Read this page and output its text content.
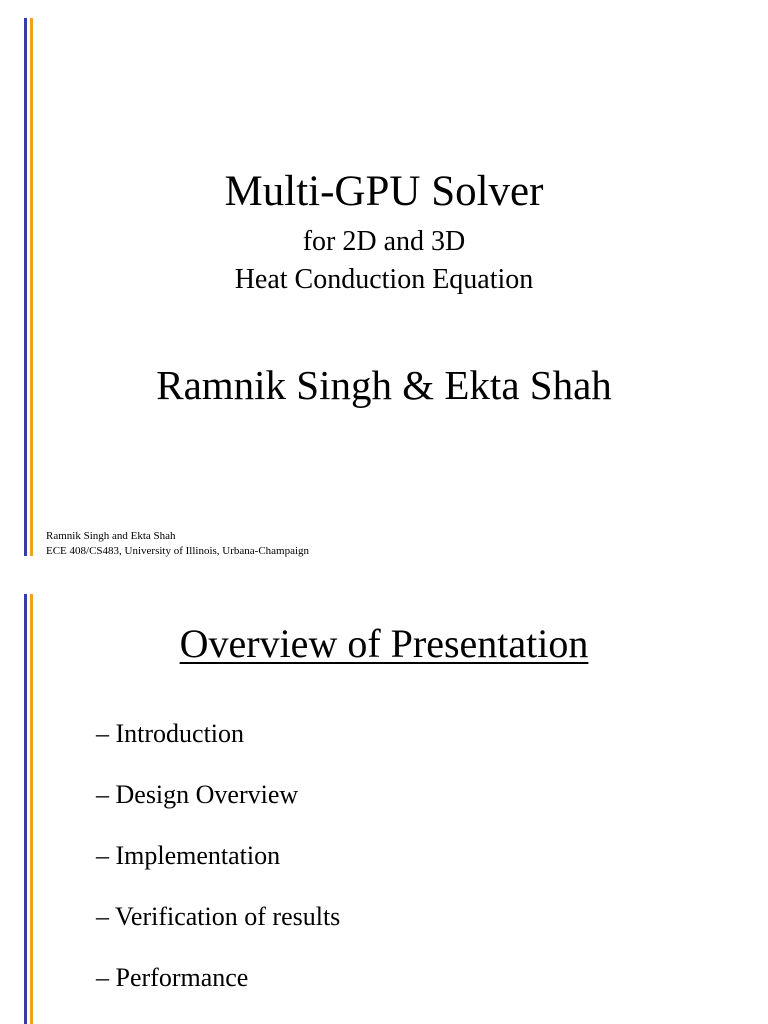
Multi-GPU Solver
for 2D and 3D
Heat Conduction Equation
Ramnik Singh & Ekta Shah
Ramnik Singh and Ekta Shah
ECE 408/CS483, University of Illinois, Urbana-Champaign
Overview of Presentation
– Introduction
– Design Overview
– Implementation
– Verification of results
– Performance
